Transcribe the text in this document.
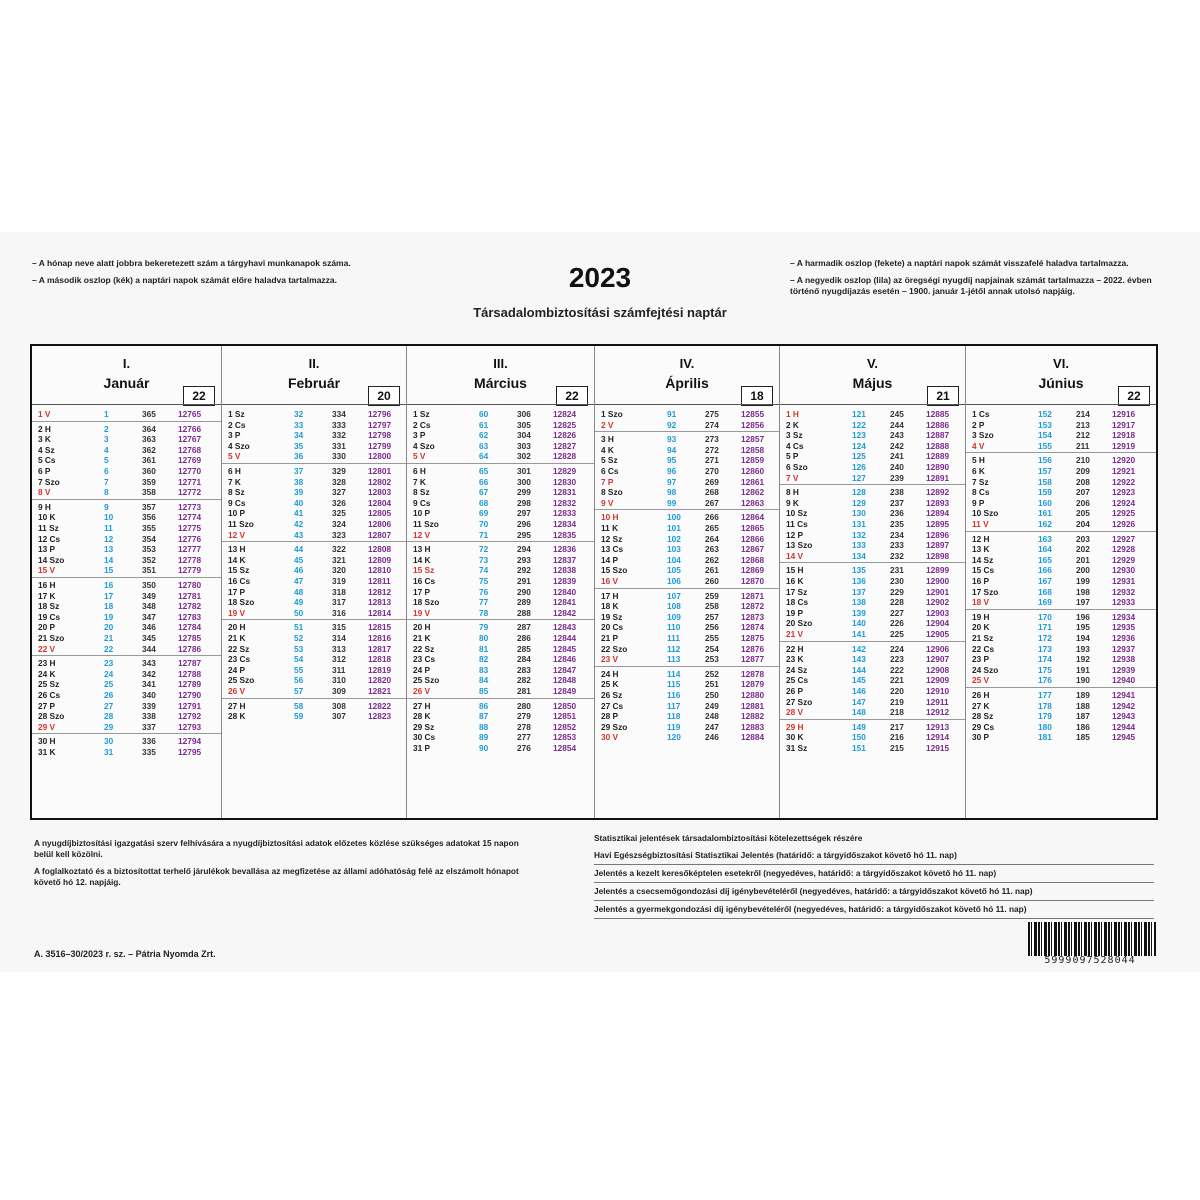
– A hónap neve alatt jobbra bekeretezett szám a tárgyhavi munkanapok száma.

– A második oszlop (kék) a naptári napok számát előre haladva tartalmazza.	2023
Társadalombiztosítási számfejtési naptár

– A harmadik oszlop (fekete) a naptári napok számát visszafelé haladva tartalmazza.

– A negyedik oszlop (lila) az öregségi nyugdíj napjainak számát tartalmazza – 2022. évben történő nyugdíjazás esetén – 1900. január 1-jétől annak utolsó napjáig.

I.
Január
22
1 V	1	365	12765
2 H	2	364	12766
3 K	3	363	12767
4 Sz	4	362	12768
5 Cs	5	361	12769
6 P	6	360	12770
7 Szo	7	359	12771
8 V	8	358	12772
9 H	9	357	12773
10 K	10	356	12774
11 Sz	11	355	12775
12 Cs	12	354	12776
13 P	13	353	12777
14 Szo	14	352	12778
15 V	15	351	12779
16 H	16	350	12780
17 K	17	349	12781
18 Sz	18	348	12782
19 Cs	19	347	12783
20 P	20	346	12784
21 Szo	21	345	12785
22 V	22	344	12786
23 H	23	343	12787
24 K	24	342	12788
25 Sz	25	341	12789
26 Cs	26	340	12790
27 P	27	339	12791
28 Szo	28	338	12792
29 V	29	337	12793
30 H	30	336	12794
31 K	31	335	12795
II.
Február
20
1 Sz	32	334	12796
2 Cs	33	333	12797
3 P	34	332	12798
4 Szo	35	331	12799
5 V	36	330	12800
6 H	37	329	12801
7 K	38	328	12802
8 Sz	39	327	12803
9 Cs	40	326	12804
10 P	41	325	12805
11 Szo	42	324	12806
12 V	43	323	12807
13 H	44	322	12808
14 K	45	321	12809
15 Sz	46	320	12810
16 Cs	47	319	12811
17 P	48	318	12812
18 Szo	49	317	12813
19 V	50	316	12814
20 H	51	315	12815
21 K	52	314	12816
22 Sz	53	313	12817
23 Cs	54	312	12818
24 P	55	311	12819
25 Szo	56	310	12820
26 V	57	309	12821
27 H	58	308	12822
28 K	59	307	12823
III.
Március
22
1 Sz	60	306	12824
2 Cs	61	305	12825
3 P	62	304	12826
4 Szo	63	303	12827
5 V	64	302	12828
6 H	65	301	12829
7 K	66	300	12830
8 Sz	67	299	12831
9 Cs	68	298	12832
10 P	69	297	12833
11 Szo	70	296	12834
12 V	71	295	12835
13 H	72	294	12836
14 K	73	293	12837
15 Sz	74	292	12838
16 Cs	75	291	12839
17 P	76	290	12840
18 Szo	77	289	12841
19 V	78	288	12842
20 H	79	287	12843
21 K	80	286	12844
22 Sz	81	285	12845
23 Cs	82	284	12846
24 P	83	283	12847
25 Szo	84	282	12848
26 V	85	281	12849
27 H	86	280	12850
28 K	87	279	12851
29 Sz	88	278	12852
30 Cs	89	277	12853
31 P	90	276	12854
IV.
Április
18
1 Szo	91	275	12855
2 V	92	274	12856
3 H	93	273	12857
4 K	94	272	12858
5 Sz	95	271	12859
6 Cs	96	270	12860
7 P	97	269	12861
8 Szo	98	268	12862
9 V	99	267	12863
10 H	100	266	12864
11 K	101	265	12865
12 Sz	102	264	12866
13 Cs	103	263	12867
14 P	104	262	12868
15 Szo	105	261	12869
16 V	106	260	12870
17 H	107	259	12871
18 K	108	258	12872
19 Sz	109	257	12873
20 Cs	110	256	12874
21 P	111	255	12875
22 Szo	112	254	12876
23 V	113	253	12877
24 H	114	252	12878
25 K	115	251	12879
26 Sz	116	250	12880
27 Cs	117	249	12881
28 P	118	248	12882
29 Szo	119	247	12883
30 V	120	246	12884
V.
Május
21
1 H	121	245	12885
2 K	122	244	12886
3 Sz	123	243	12887
4 Cs	124	242	12888
5 P	125	241	12889
6 Szo	126	240	12890
7 V	127	239	12891
8 H	128	238	12892
9 K	129	237	12893
10 Sz	130	236	12894
11 Cs	131	235	12895
12 P	132	234	12896
13 Szo	133	233	12897
14 V	134	232	12898
15 H	135	231	12899
16 K	136	230	12900
17 Sz	137	229	12901
18 Cs	138	228	12902
19 P	139	227	12903
20 Szo	140	226	12904
21 V	141	225	12905
22 H	142	224	12906
23 K	143	223	12907
24 Sz	144	222	12908
25 Cs	145	221	12909
26 P	146	220	12910
27 Szo	147	219	12911
28 V	148	218	12912
29 H	149	217	12913
30 K	150	216	12914
31 Sz	151	215	12915
VI.
Június
22
1 Cs	152	214	12916
2 P	153	213	12917
3 Szo	154	212	12918
4 V	155	211	12919
5 H	156	210	12920
6 K	157	209	12921
7 Sz	158	208	12922
8 Cs	159	207	12923
9 P	160	206	12924
10 Szo	161	205	12925
11 V	162	204	12926
12 H	163	203	12927
13 K	164	202	12928
14 Sz	165	201	12929
15 Cs	166	200	12930
16 P	167	199	12931
17 Szo	168	198	12932
18 V	169	197	12933
19 H	170	196	12934
20 K	171	195	12935
21 Sz	172	194	12936
22 Cs	173	193	12937
23 P	174	192	12938
24 Szo	175	191	12939
25 V	176	190	12940
26 H	177	189	12941
27 K	178	188	12942
28 Sz	179	187	12943
29 Cs	180	186	12944
30 P	181	185	12945

A nyugdíjbiztosítási igazgatási szerv felhívására a nyugdíjbiztosítási adatok előzetes közlése szükséges adatokat 15 napon belül kell közölni.

A foglalkoztató és a biztosítottat terhelő járulékok bevallása az megfizetése az állami adóhatóság felé az elszámolt hónapot követő hó 12. napjáig.

Statisztikai jelentések társadalombiztosítási kötelezettségek részére
Havi Egészségbiztosítási Statisztikai Jelentés (határidő: a tárgyidőszakot követő hó 11. nap)
Jelentés a kezelt keresőképtelen esetekről (negyedéves, határidő: a tárgyidőszakot követő hó 11. nap)
Jelentés a csecsemőgondozási díj igénybevételéről (negyedéves, határidő: a tárgyidőszakot követő hó 11. nap)
Jelentés a gyermekgondozási díj igénybevételéről (negyedéves, határidő: a tárgyidőszakot követő hó 11. nap)
A. 3516–30/2023 r. sz. – Pátria Nyomda Zrt.
5999097528044
